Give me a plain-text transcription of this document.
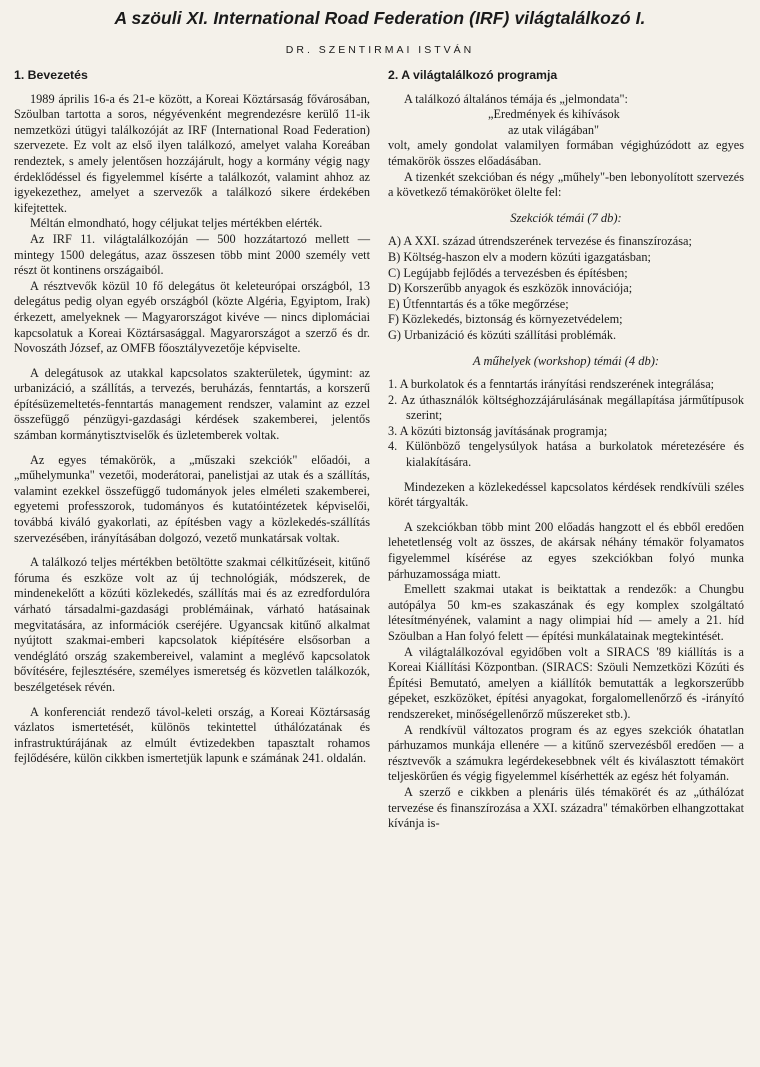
A szöuli XI. International Road Federation (IRF) világtalálkozó I.
DR. SZENTIRMAI ISTVÁN
1. Bevezetés

1989 április 16-a és 21-e között, a Koreai Köztársaság fővárosában, Szöulban tartotta a soros, négyévenként megrendezésre kerülő 11-ik nemzetközi útügyi találkozóját az IRF (International Road Federation) szervezete. Ez volt az első ilyen találkozó, amelyet valaha Koreában rendeztek, s amely jelentősen hozzájárult, hogy a kormány végig nagy érdeklődéssel és figyelemmel kísérte a találkozót, valamint ahhoz az igyekezethez, amelyet a szervezők a találkozó sikere érdekében kifejtettek.

Méltán elmondható, hogy céljukat teljes mértékben elérték.

Az IRF 11. világtalálkozóján — 500 hozzátartozó mellett — mintegy 1500 delegátus, azaz összesen több mint 2000 személy vett részt öt kontinens országaiból.

A résztvevők közül 10 fő delegátus öt keleteurópai országból, 13 delegátus pedig olyan egyéb országból (közte Algéria, Egyiptom, Irak) érkezett, amelyeknek — Magyarországot kivéve — nincs diplomáciai kapcsolatuk a Koreai Köztársasággal. Magyarországot a szerző és dr. Novoszáth József, az OMFB főosztályvezetője képviselte.

A delegátusok az utakkal kapcsolatos szakterületek, úgymint: az urbanizáció, a szállítás, a tervezés, beruházás, fenntartás, a korszerű építésüzemeltetés-fenntartás management rendszer, valamint az ezzel összefüggő pénzügyi-gazdasági kérdések szakemberei, jelentős számban kormánytisztviselők és üzletemberek voltak.

Az egyes témakörök, a „műszaki szekciók" előadói, a „műhelymunka" vezetői, moderátorai, panelistjai az utak és a szállítás, valamint ezekkel összefüggő tudományok jeles elméleti szakemberei, egyetemi professzorok, tudományos és kutatóintézetek képviselői, továbbá kiváló gyakorlati, az építésben vagy a közlekedés-szállítás szervezésében, irányításában dolgozó, vezető munkatársak voltak.

A találkozó teljes mértékben betöltötte szakmai célkitűzéseit, kitűnő fóruma és eszköze volt az új technológiák, módszerek, de mindenekelőtt a közúti közlekedés, szállítás mai és az ezredfordulóra várható társadalmi-gazdasági problémáinak, várható hatásainak megvitatására, az információk cseréjére. Ugyancsak kitűnő alkalmat nyújtott szakmai-emberi kapcsolatok kiépítésére elsősorban a vendéglátó ország szakembereivel, valamint a meglévő kapcsolatok bővítésére, fejlesztésére, személyes ismeretség és közvetlen találkozók, beszélgetések révén.

A konferenciát rendező távol-keleti ország, a Koreai Köztársaság vázlatos ismertetését, különös tekintettel úthálózatának és infrastruktúrájának az elmúlt évtizedekben tapasztalt rohamos fejlődésére, külön cikkben ismertetjük lapunk e számának 241. oldalán.

2. A világtalálkozó programja

A találkozó általános témája és „jelmondata":

„Eredmények és kihívások

az utak világában"

volt, amely gondolat valamilyen formában végighúzódott az egyes témakörök összes előadásában.

A tizenkét szekcióban és négy „műhely"-ben lebonyolított szervezés a következő témaköröket ölelte fel:

Szekciók témái (7 db):
A) A XXI. század útrendszerének tervezése és finanszírozása;
B) Költség-haszon elv a modern közúti igazgatásban;
C) Legújabb fejlődés a tervezésben és építésben;
D) Korszerűbb anyagok és eszközök innovációja;
E) Útfenntartás és a tőke megőrzése;
F) Közlekedés, biztonság és környezetvédelem;
G) Urbanizáció és közúti szállítási problémák.
A műhelyek (workshop) témái (4 db):
1. A burkolatok és a fenntartás irányítási rendszerének integrálása;
2. Az úthasználók költséghozzájárulásának megállapítása járműtípusok szerint;
3. A közúti biztonság javításának programja;
4. Különböző tengelysúlyok hatása a burkolatok méretezésére és kialakítására.

Mindezeken a közlekedéssel kapcsolatos kérdések rendkívüli széles körét tárgyalták.

A szekciókban több mint 200 előadás hangzott el és ebből eredően lehetetlenség volt az összes, de akársak néhány témakör folyamatos figyelemmel kísérése az egyes szekciókban folyó munka párhuzamossága miatt.

Emellett szakmai utakat is beiktattak a rendezők: a Chungbu autópálya 50 km-es szakaszának és egy komplex szolgáltató létesítményének, valamint a nagy olimpiai híd — amely a 21. híd Szöulban a Han folyó felett — építési munkálatainak megtekintését.

A világtalálkozóval egyidőben volt a SIRACS '89 kiállítás is a Koreai Kiállítási Központban. (SIRACS: Szöuli Nemzetközi Közúti és Építési Bemutató, amelyen a kiállítók bemutatták a legkorszerűbb gépeket, eszközöket, építési anyagokat, forgalomellenőrző és -irányító rendszereket, minőségellenőrző műszereket stb.).

A rendkívül változatos program és az egyes szekciók óhatatlan párhuzamos munkája ellenére — a kitűnő szervezésből eredően — a résztvevők a számukra legérdekesebbnek vélt és kiválasztott témakört teljeskörűen és végig figyelemmel kísérhették az egész hét folyamán.

A szerző e cikkben a plenáris ülés témakörét és az „úthálózat tervezése és finanszírozása a XXI. századra" témakörben elhangzottakat kívánja is-
